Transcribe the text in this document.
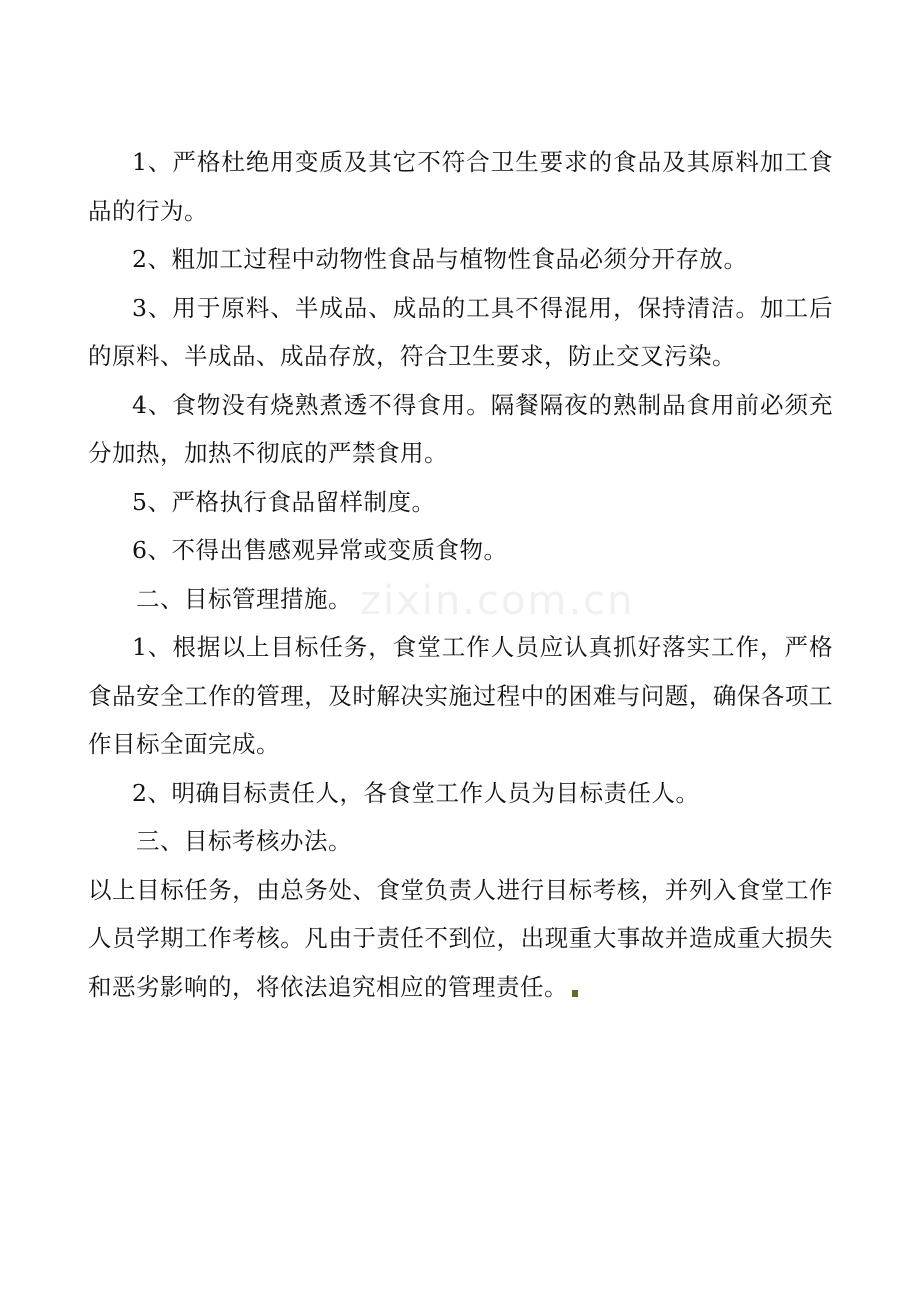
zixin.com.cn

1、严格杜绝用变质及其它不符合卫生要求的食品及其原料加工食品的行为。

2、粗加工过程中动物性食品与植物性食品必须分开存放。

3、用于原料、半成品、成品的工具不得混用，保持清洁。加工后的原料、半成品、成品存放，符合卫生要求，防止交叉污染。

4、食物没有烧熟煮透不得食用。隔餐隔夜的熟制品食用前必须充分加热，加热不彻底的严禁食用。

5、严格执行食品留样制度。

6、不得出售感观异常或变质食物。

二、目标管理措施。

1、根据以上目标任务，食堂工作人员应认真抓好落实工作，严格食品安全工作的管理，及时解决实施过程中的困难与问题，确保各项工作目标全面完成。

2、明确目标责任人，各食堂工作人员为目标责任人。

三、目标考核办法。

以上目标任务，由总务处、食堂负责人进行目标考核，并列入食堂工作人员学期工作考核。凡由于责任不到位，出现重大事故并造成重大损失和恶劣影响的，将依法追究相应的管理责任。
